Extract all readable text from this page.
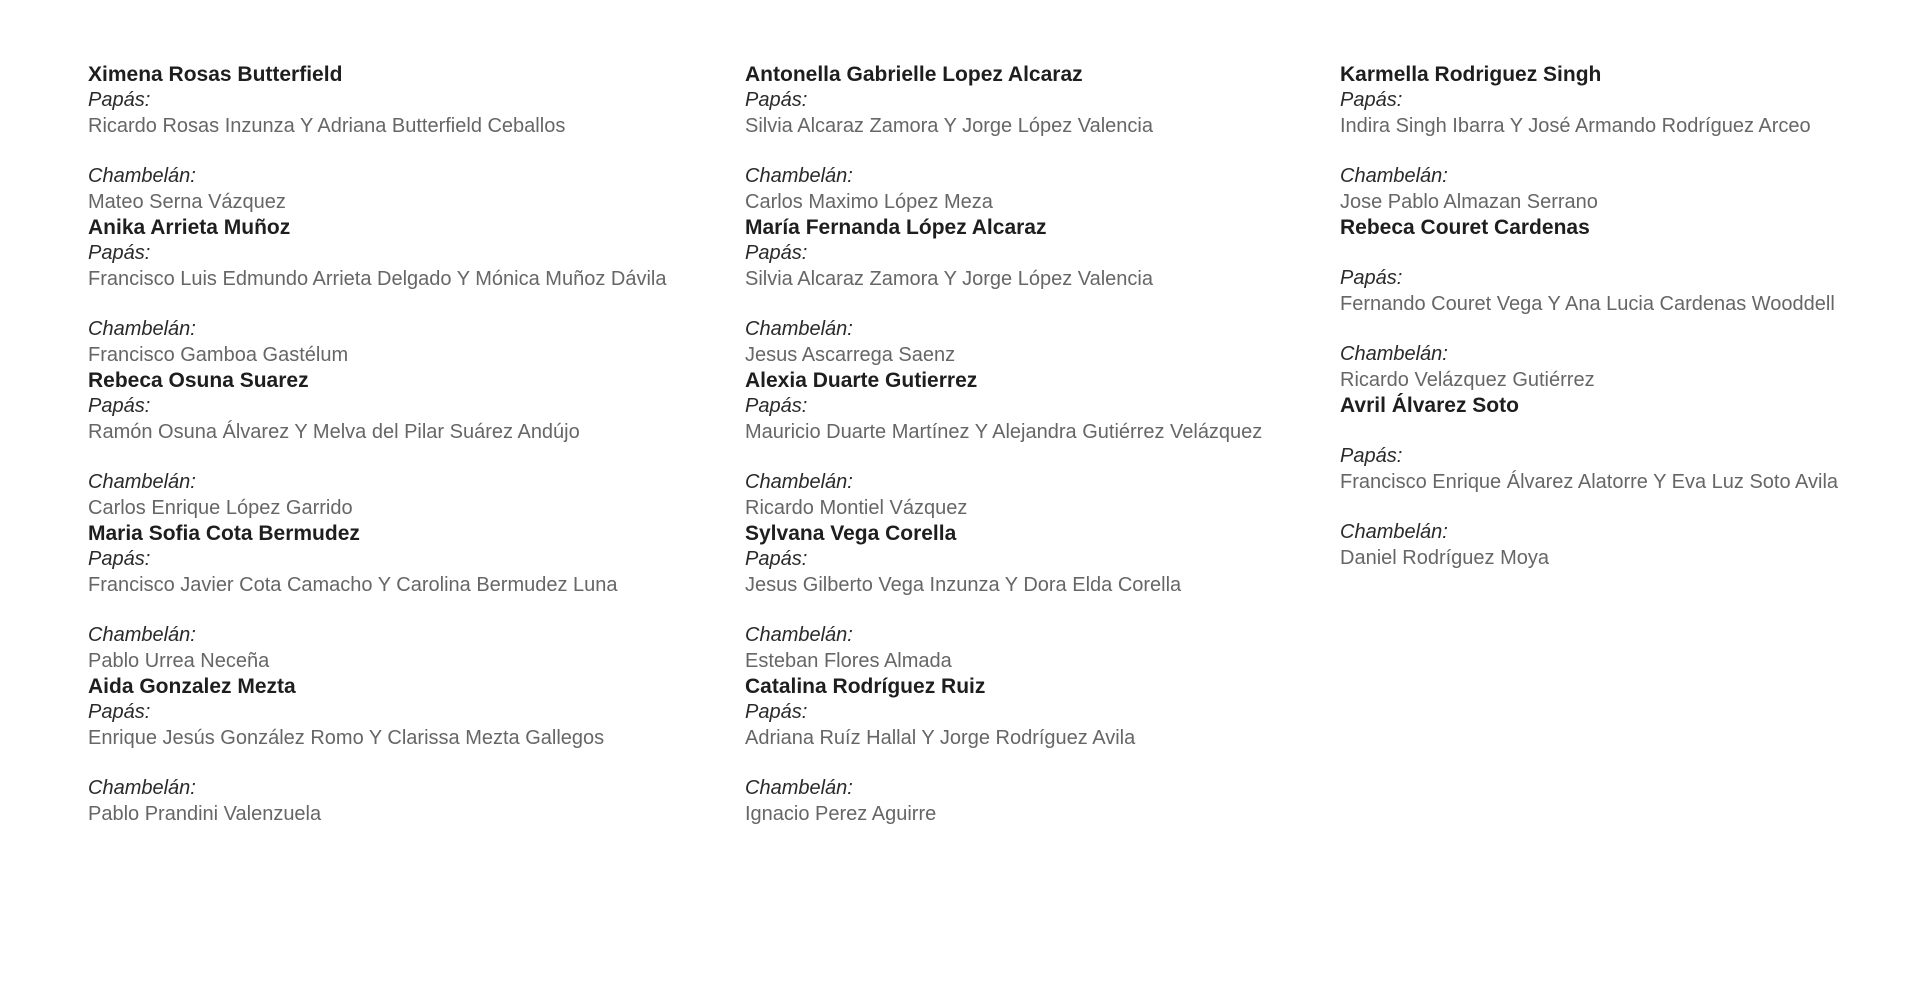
Ximena Rosas Butterfield
Papás:
Ricardo Rosas Inzunza Y Adriana Butterfield Ceballos
Chambelán:
Mateo Serna Vázquez
Anika Arrieta Muñoz
Papás:
Francisco Luis Edmundo Arrieta Delgado Y Mónica Muñoz Dávila
Chambelán:
Francisco Gamboa Gastélum
Rebeca Osuna Suarez
Papás:
Ramón Osuna Álvarez Y Melva del Pilar Suárez Andújo
Chambelán:
Carlos Enrique López Garrido
Maria Sofia Cota Bermudez
Papás:
Francisco Javier Cota Camacho Y Carolina Bermudez Luna
Chambelán:
Pablo Urrea Neceña
Aida Gonzalez Mezta
Papás:
Enrique Jesús González Romo Y Clarissa Mezta Gallegos
Chambelán:
Pablo Prandini Valenzuela
Antonella Gabrielle Lopez Alcaraz
Papás:
Silvia Alcaraz Zamora Y Jorge López Valencia
Chambelán:
Carlos Maximo López Meza
María Fernanda López Alcaraz
Papás:
Silvia Alcaraz Zamora Y Jorge López Valencia
Chambelán:
Jesus Ascarrega Saenz
Alexia Duarte Gutierrez
Papás:
Mauricio Duarte Martínez Y Alejandra Gutiérrez Velázquez
Chambelán:
Ricardo Montiel Vázquez
Sylvana Vega Corella
Papás:
Jesus Gilberto Vega Inzunza Y Dora Elda Corella
Chambelán:
Esteban Flores Almada
Catalina Rodríguez Ruiz
Papás:
Adriana Ruíz Hallal Y Jorge Rodríguez Avila
Chambelán:
Ignacio Perez Aguirre
Karmella Rodriguez Singh
Papás:
Indira Singh Ibarra Y José Armando Rodríguez Arceo
Chambelán:
Jose Pablo Almazan Serrano
Rebeca Couret Cardenas
Papás:
Fernando Couret Vega Y Ana Lucia Cardenas Wooddell
Chambelán:
Ricardo Velázquez Gutiérrez
Avril Álvarez Soto
Papás:
Francisco Enrique Álvarez Alatorre Y Eva Luz Soto Avila
Chambelán:
Daniel Rodríguez Moya
